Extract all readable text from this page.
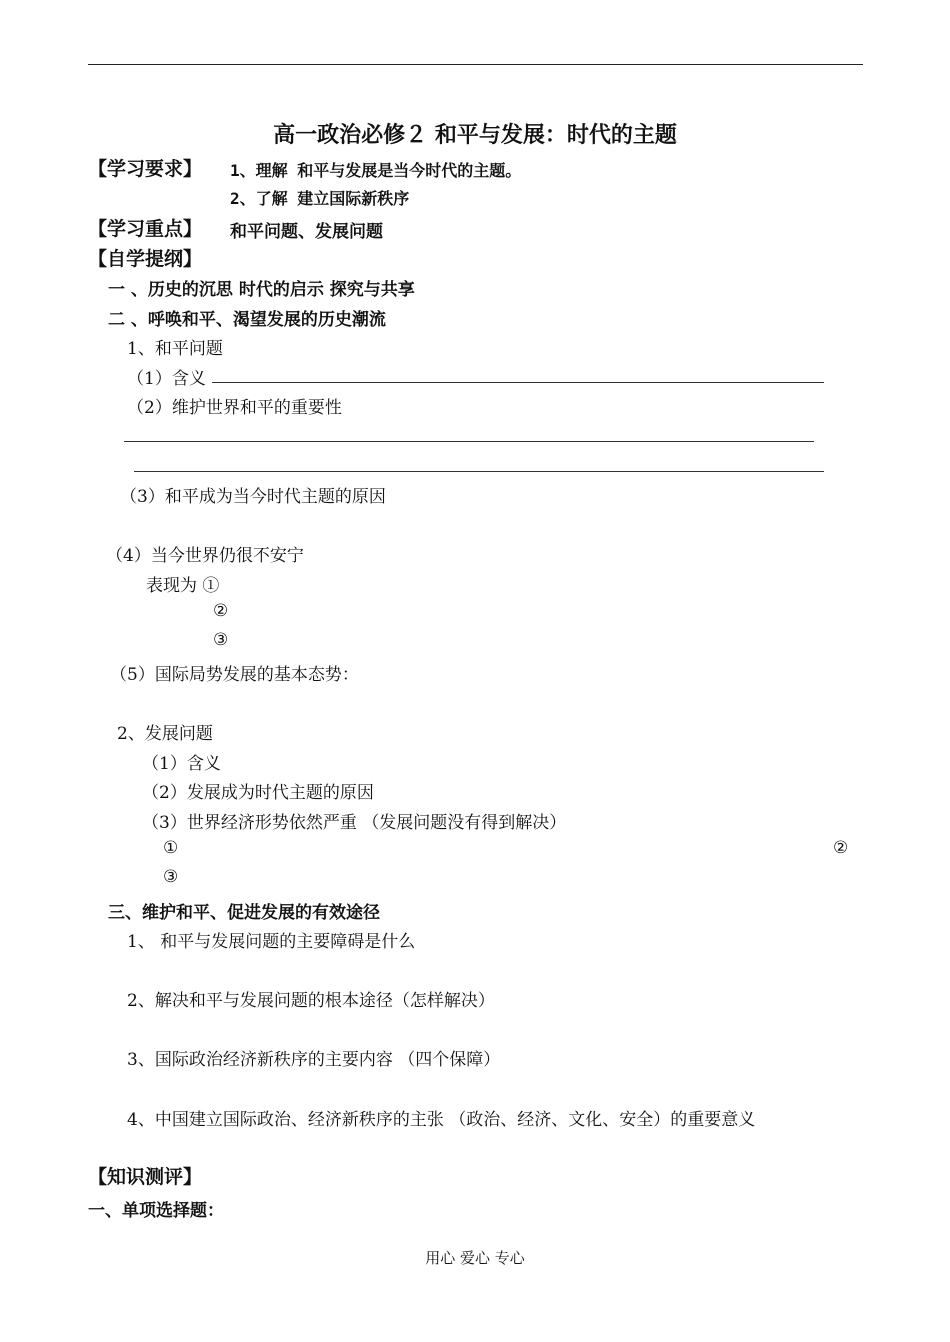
高一政治必修２ 和平与发展：时代的主题
【学习要求】 1、理解 和平与发展是当今时代的主题。
2、了解 建立国际新秩序
【学习重点】 和平问题、发展问题
【自学提纲】
一 、历史的沉思 时代的启示 探究与共享
二 、呼唤和平、渴望发展的历史潮流
1、和平问题
（1）含义
（2）维护世界和平的重要性
（3）和平成为当今时代主题的原因
（4）当今世界仍很不安宁
表现为 ①
②
③
（5）国际局势发展的基本态势：
2、发展问题
（1）含义
（2）发展成为时代主题的原因
（3）世界经济形势依然严重 （发展问题没有得到解决）
①	②
③
三、维护和平、促进发展的有效途径
1、 和平与发展问题的主要障碍是什么
2、解决和平与发展问题的根本途径（怎样解决）
3、国际政治经济新秩序的主要内容 （四个保障）
4、中国建立国际政治、经济新秩序的主张 （政治、经济、文化、安全）的重要意义
【知识测评】
一、单项选择题：
用心 爱心 专心
